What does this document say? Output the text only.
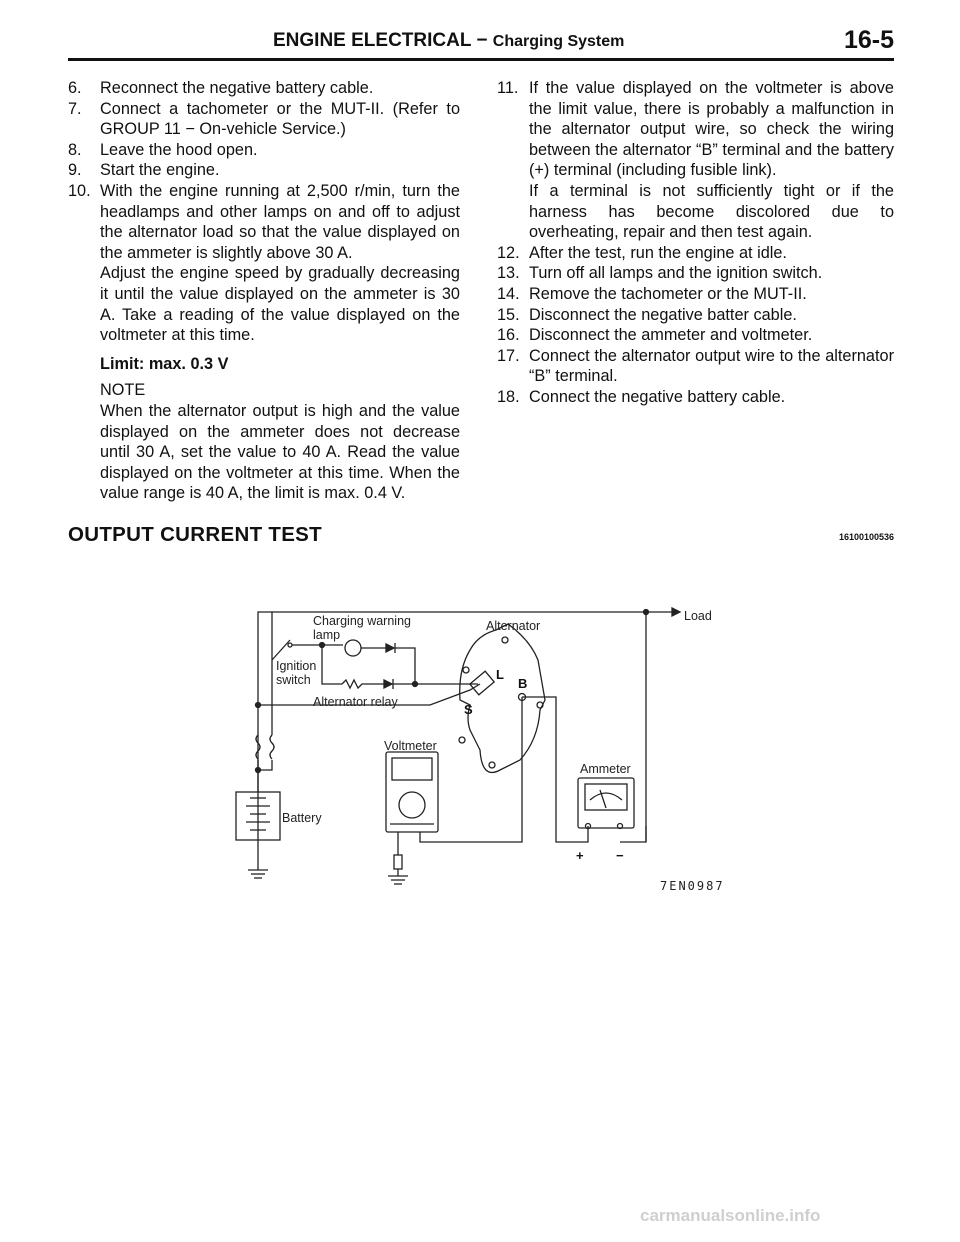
ENGINE ELECTRICAL − Charging System	16-5
6.	Reconnect the negative battery cable.
7.	Connect a tachometer or the MUT-II. (Refer to GROUP 11 − On-vehicle Service.)
8.	Leave the hood open.
9.	Start the engine.
10. With the engine running at 2,500 r/min, turn the headlamps and other lamps on and off to adjust the alternator load so that the value displayed on the ammeter is slightly above 30 A.
Adjust the engine speed by gradually decreasing it until the value displayed on the ammeter is 30 A. Take a reading of the value displayed on the voltmeter at this time.
Limit: max. 0.3 V
NOTE
When the alternator output is high and the value displayed on the ammeter does not decrease until 30 A, set the value to 40 A. Read the value displayed on the voltmeter at this time. When the value range is 40 A, the limit is max. 0.4 V.
11. If the value displayed on the voltmeter is above the limit value, there is probably a malfunction in the alternator output wire, so check the wiring between the alternator “B” terminal and the battery (+) terminal (including fusible link).
If a terminal is not sufficiently tight or if the harness has become discolored due to overheating, repair and then test again.
12. After the test, run the engine at idle.
13. Turn off all lamps and the ignition switch.
14. Remove the tachometer or the MUT-II.
15. Disconnect the negative batter cable.
16. Disconnect the ammeter and voltmeter.
17. Connect the alternator output wire to the alternator “B” terminal.
18. Connect the negative battery cable.
OUTPUT CURRENT TEST	16100100536
Charging warning
lamp
Alternator
Load
Ignition
switch
Alternator relay
L
B
S
Voltmeter
Ammeter
Battery
+ −
7EN0987
carmanualsonline.info
